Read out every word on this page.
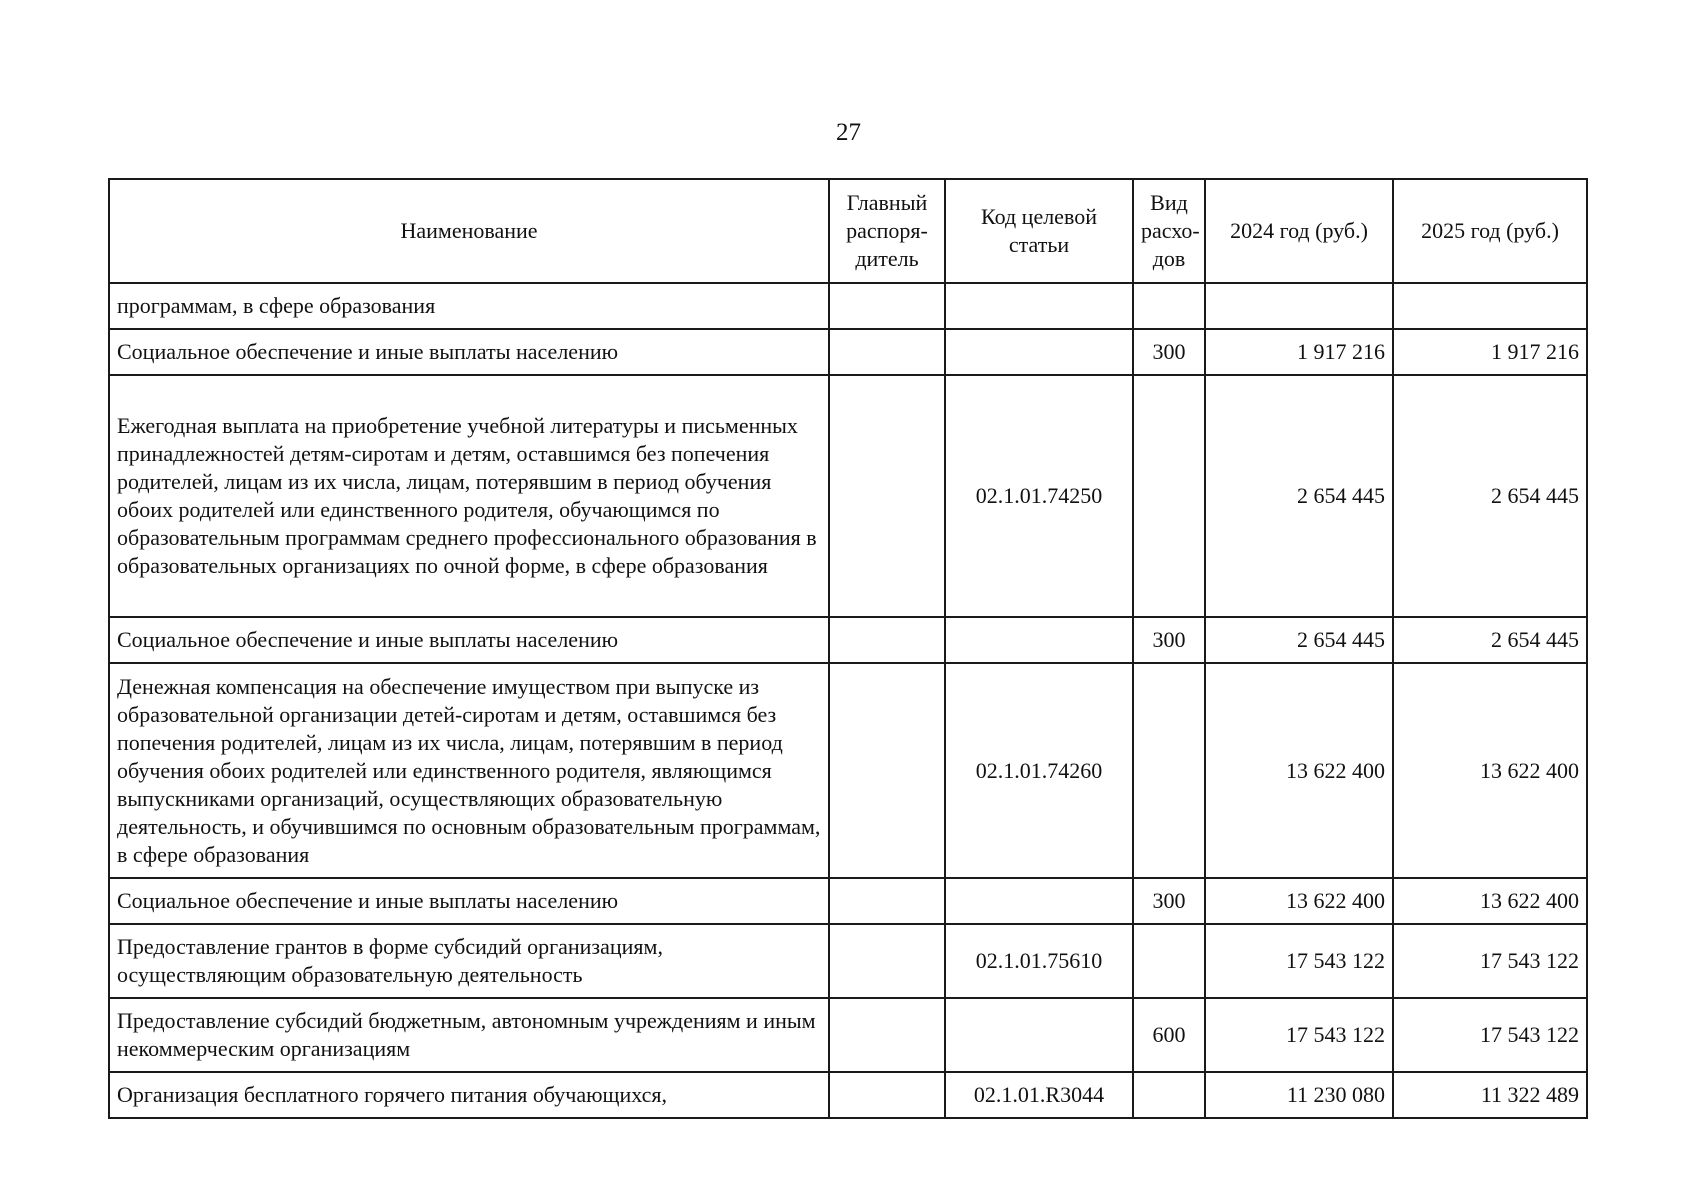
27
Наименование	Главный распоря-дитель	Код целевой статьи	Вид расхо-дов	2024 год (руб.)	2025 год (руб.)
программам, в сфере образования					
Социальное обеспечение и иные выплаты населению			300	1 917 216	1 917 216
Ежегодная выплата на приобретение учебной литературы и письменных принадлежностей детям-сиротам и детям, оставшимся без попечения родителей, лицам из их числа, лицам, потерявшим в период обучения обоих родителей или единственного родителя, обучающимся по образовательным программам среднего профессионального образования в образовательных организациях по очной форме, в сфере образования		02.1.01.74250		2 654 445	2 654 445
Социальное обеспечение и иные выплаты населению			300	2 654 445	2 654 445
Денежная компенсация на обеспечение имуществом при выпуске из образовательной организации детей-сиротам и детям, оставшимся без попечения родителей, лицам из их числа, лицам, потерявшим в период обучения обоих родителей или единственного родителя, являющимся выпускниками организаций, осуществляющих образовательную деятельность, и обучившимся по основным образовательным программам, в сфере образования		02.1.01.74260		13 622 400	13 622 400
Социальное обеспечение и иные выплаты населению			300	13 622 400	13 622 400
Предоставление грантов в форме субсидий организациям, осуществляющим образовательную деятельность		02.1.01.75610		17 543 122	17 543 122
Предоставление субсидий бюджетным, автономным учреждениям и иным некоммерческим организациям			600	17 543 122	17 543 122
Организация бесплатного горячего питания обучающихся,		02.1.01.R3044		11 230 080	11 322 489
